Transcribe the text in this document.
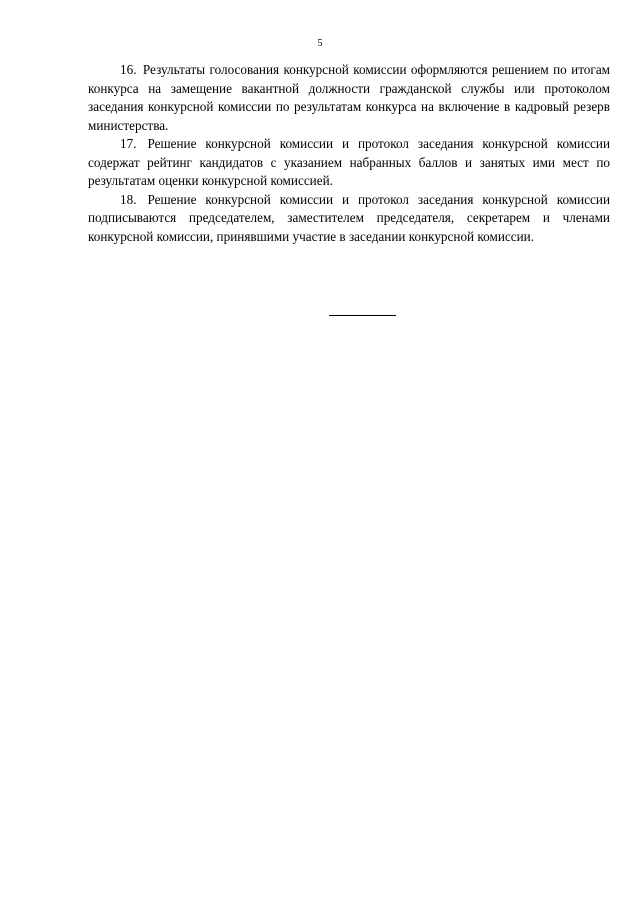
5

16. Результаты голосования конкурсной комиссии оформляются решением по итогам конкурса на замещение вакантной должности гражданской службы или протоколом заседания конкурсной комиссии по результатам конкурса на включение в кадровый резерв министерства.

17. Решение конкурсной комиссии и протокол заседания конкурсной комиссии содержат рейтинг кандидатов с указанием набранных баллов и занятых ими мест по результатам оценки конкурсной комиссией.

18. Решение конкурсной комиссии и протокол заседания конкурсной комиссии подписываются председателем, заместителем председателя, секретарем и членами конкурсной комиссии, принявшими участие в заседании конкурсной комиссии.
